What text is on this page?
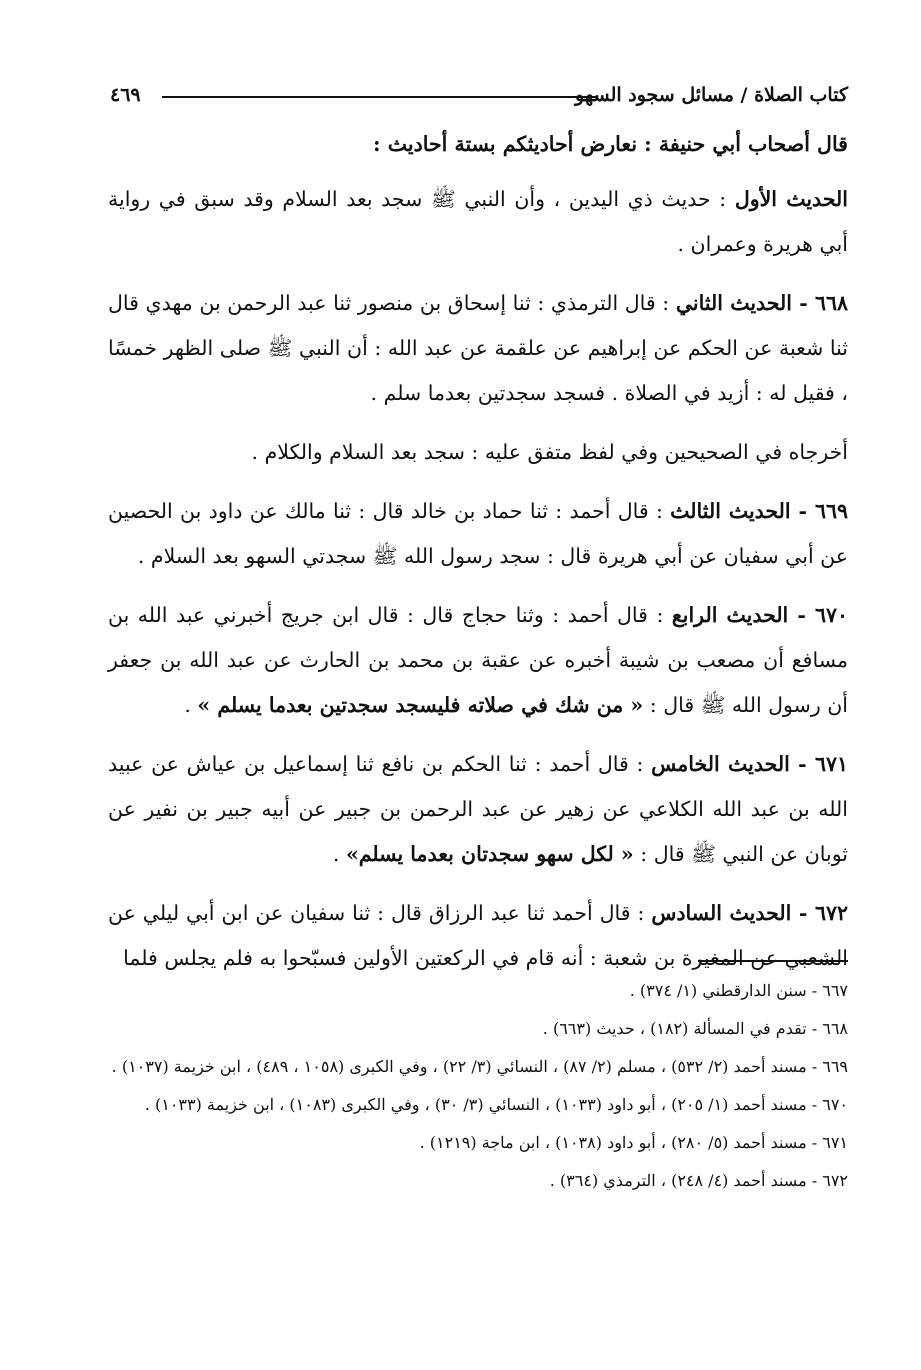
كتاب الصلاة / مسائل سجود السهو
٤٦٩

قال أصحاب أبي حنيفة : نعارض أحاديثكم بستة أحاديث :

الحديث الأول : حديث ذي اليدين ، وأن النبي ﷺ سجد بعد السلام وقد سبق في رواية أبي هريرة وعمران .

٦٦٨ - الحديث الثاني : قال الترمذي : ثنا إسحاق بن منصور ثنا عبد الرحمن بن مهدي قال ثنا شعبة عن الحكم عن إبراهيم عن علقمة عن عبد الله : أن النبي ﷺ صلى الظهر خمسًا ، فقيل له : أزيد في الصلاة . فسجد سجدتين بعدما سلم .

أخرجاه في الصحيحين وفي لفظ متفق عليه : سجد بعد السلام والكلام .

٦٦٩ - الحديث الثالث : قال أحمد : ثنا حماد بن خالد قال : ثنا مالك عن داود بن الحصين عن أبي سفيان عن أبي هريرة قال : سجد رسول الله ﷺ سجدتي السهو بعد السلام .

٦٧٠ - الحديث الرابع : قال أحمد : وثنا حجاج قال : قال ابن جريج أخبرني عبد الله بن مسافع أن مصعب بن شيبة أخبره عن عقبة بن محمد بن الحارث عن عبد الله بن جعفر أن رسول الله ﷺ قال : « من شك في صلاته فليسجد سجدتين بعدما يسلم » .

٦٧١ - الحديث الخامس : قال أحمد : ثنا الحكم بن نافع ثنا إسماعيل بن عياش عن عبيد الله بن عبد الله الكلاعي عن زهير عن عبد الرحمن بن جبير عن أبيه جبير بن نفير عن ثوبان عن النبي ﷺ قال : « لكل سهو سجدتان بعدما يسلم» .

٦٧٢ - الحديث السادس : قال أحمد ثنا عبد الرزاق قال : ثنا سفيان عن ابن أبي ليلي عن الشعبي عن المغيرة بن شعبة : أنه قام في الركعتين الأولين فسبّحوا به فلم يجلس فلما

٦٦٧ - سنن الدارقطني (١/ ٣٧٤) .

٦٦٨ - تقدم في المسألة (١٨٢) ، حديث (٦٦٣) .

٦٦٩ - مسند أحمد (٢/ ٥٣٢) ، مسلم (٢/ ٨٧) ، النسائي (٣/ ٢٢) ، وفي الكبرى (١٠٥٨ ، ٤٨٩) ، ابن خزيمة (١٠٣٧) .

٦٧٠ - مسند أحمد (١/ ٢٠٥) ، أبو داود (١٠٣٣) ، النسائي (٣/ ٣٠) ، وفي الكبرى (١٠٨٣) ، ابن خزيمة (١٠٣٣) .

٦٧١ - مسند أحمد (٥/ ٢٨٠) ، أبو داود (١٠٣٨) ، ابن ماجة (١٢١٩) .

٦٧٢ - مسند أحمد (٤/ ٢٤٨) ، الترمذي (٣٦٤) .
